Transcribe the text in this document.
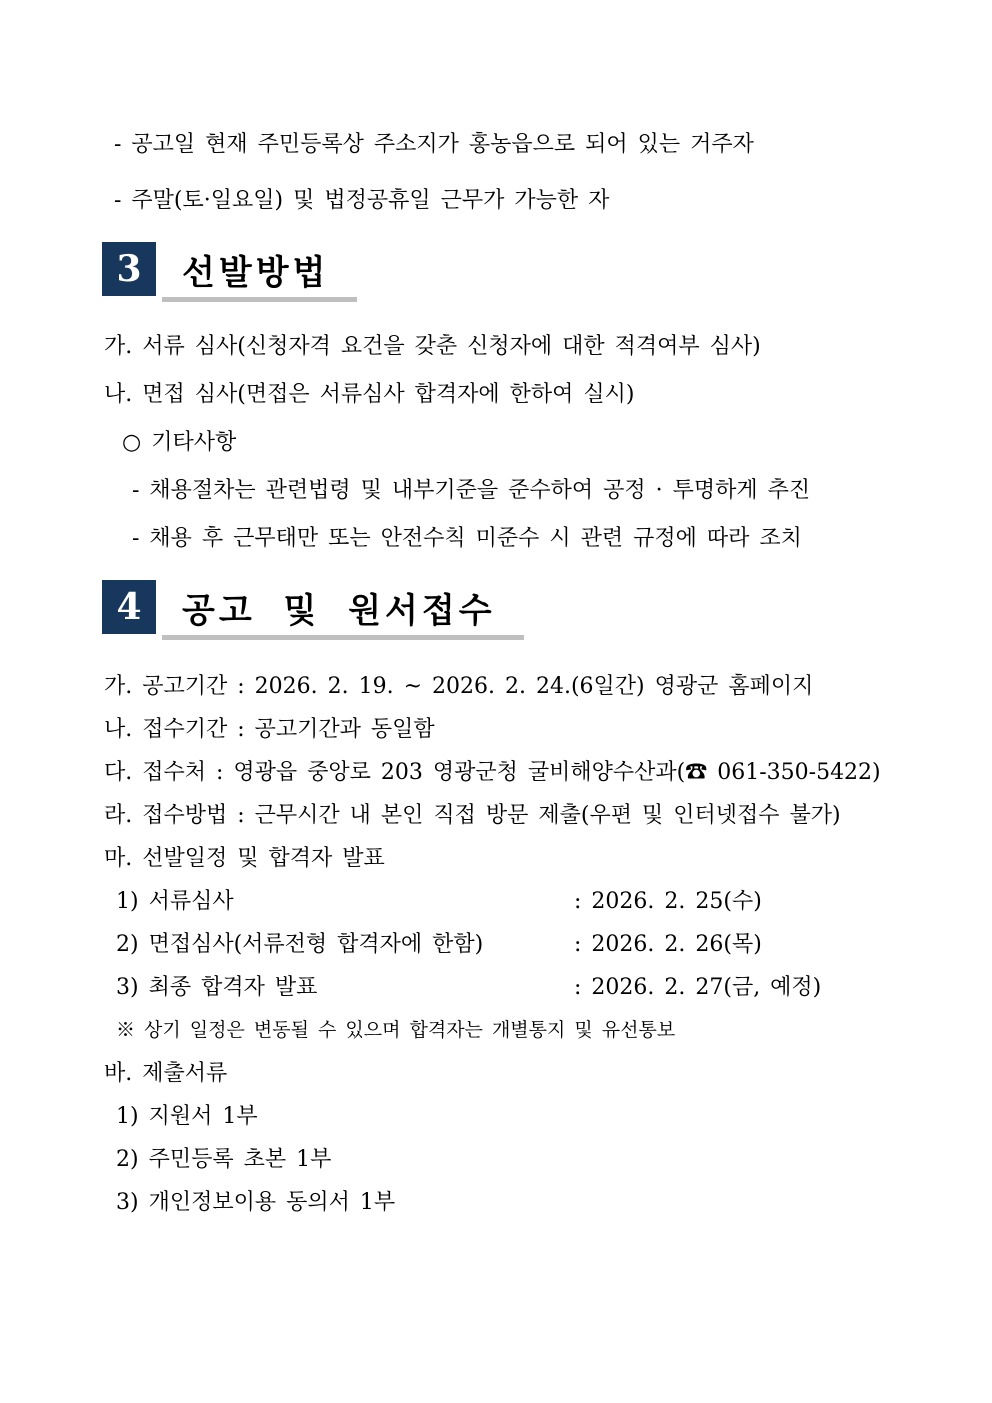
- 공고일 현재 주민등록상 주소지가 홍농읍으로 되어 있는 거주자

- 주말(토·일요일) 및 법정공휴일 근무가 가능한 자

3	선발방법

가. 서류 심사(신청자격 요건을 갖춘 신청자에 대한 적격여부 심사)

나. 면접 심사(면접은 서류심사 합격자에 한하여 실시)

○ 기타사항

- 채용절차는 관련법령 및 내부기준을 준수하여 공정 · 투명하게 추진

- 채용 후 근무태만 또는 안전수칙 미준수 시 관련 규정에 따라 조치

4	공고 및 원서접수

가. 공고기간 : 2026. 2. 19. ~ 2026. 2. 24.(6일간) 영광군 홈페이지

나. 접수기간 : 공고기간과 동일함

다. 접수처 : 영광읍 중앙로 203 영광군청 굴비해양수산과(☎ 061-350-5422)

라. 접수방법 : 근무시간 내 본인 직접 방문 제출(우편 및 인터넷접수 불가)

마. 선발일정 및 합격자 발표

1) 서류심사	: 2026. 2. 25(수)
2) 면접심사(서류전형 합격자에 한함)	: 2026. 2. 26(목)
3) 최종 합격자 발표	: 2026. 2. 27(금, 예정)

※ 상기 일정은 변동될 수 있으며 합격자는 개별통지 및 유선통보

바. 제출서류

1) 지원서 1부

2) 주민등록 초본 1부

3) 개인정보이용 동의서 1부
